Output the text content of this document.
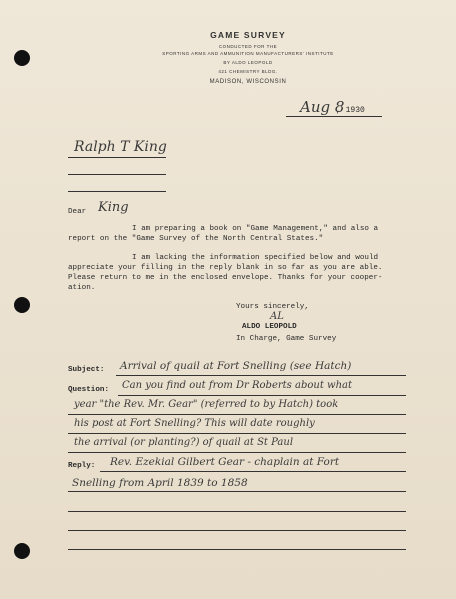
GAME SURVEY
CONDUCTED FOR THE
SPORTING ARMS AND AMMUNITION MANUFACTURERS' INSTITUTE
BY ALDO LEOPOLD
421 CHEMISTRY BLDG.
MADISON, WISCONSIN
Aug 8
, 1930
Ralph T King
Dear King
I am preparing a book on "Game Management," and also a
report on the "Game Survey of the North Central States."
I am lacking the information specified below and would
appreciate your filling in the reply blank in so far as you are able.
Please return to me in the enclosed envelope. Thanks for your cooper-
ation.
Yours sincerely,
AL
ALDO LEOPOLD
In Charge, Game Survey
Subject: Arrival of quail at Fort Snelling (see Hatch)
Question: Can you find out from Dr Roberts about what
year "the Rev. Mr. Gear" (referred to by Hatch) took
his post at Fort Snelling? This will date roughly
the arrival (or planting?) of quail at St Paul
Reply: Rev. Ezekial Gilbert Gear - chaplain at Fort
Snelling from April 1839 to 1858
